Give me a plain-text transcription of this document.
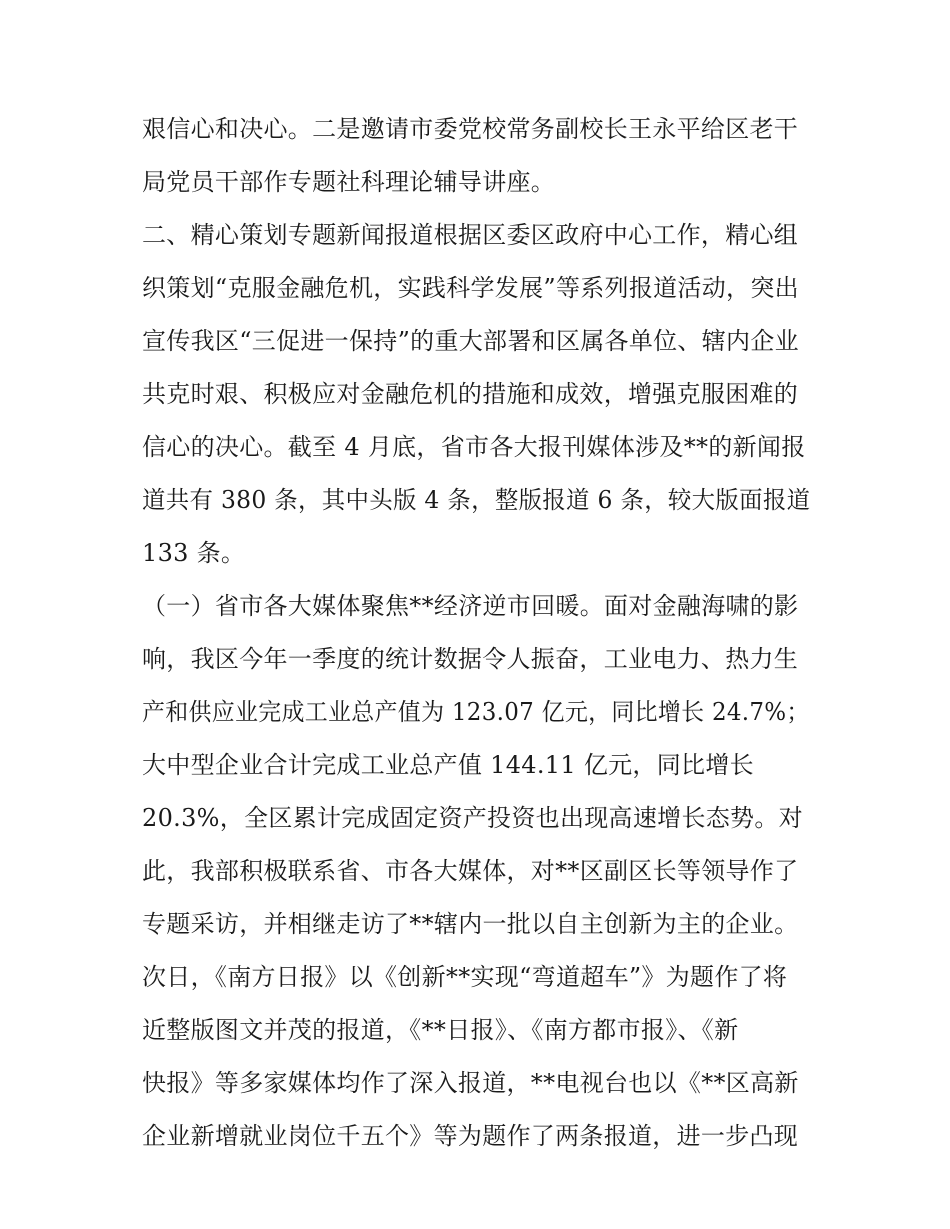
艰信心和决心。二是邀请市委党校常务副校长王永平给区老干
局党员干部作专题社科理论辅导讲座。
二、精心策划专题新闻报道根据区委区政府中心工作，精心组
织策划“克服金融危机，实践科学发展”等系列报道活动，突出
宣传我区“三促进一保持”的重大部署和区属各单位、辖内企业
共克时艰、积极应对金融危机的措施和成效，增强克服困难的
信心的决心。截至 4 月底，省市各大报刊媒体涉及**的新闻报
道共有 380 条，其中头版 4 条，整版报道 6 条，较大版面报道
133 条。
（一）省市各大媒体聚焦**经济逆市回暖。面对金融海啸的影
响，我区今年一季度的统计数据令人振奋，工业电力、热力生
产和供应业完成工业总产值为 123.07 亿元，同比增长 24.7%；
大中型企业合计完成工业总产值 144.11 亿元，同比增长
20.3%，全区累计完成固定资产投资也出现高速增长态势。对
此，我部积极联系省、市各大媒体，对**区副区长等领导作了
专题采访，并相继走访了**辖内一批以自主创新为主的企业。
次日，《南方日报》以《创新**实现“弯道超车”》为题作了将
近整版图文并茂的报道，《**日报》、《南方都市报》、《新
快报》等多家媒体均作了深入报道，**电视台也以《**区高新
企业新增就业岗位千五个》等为题作了两条报道，进一步凸现
